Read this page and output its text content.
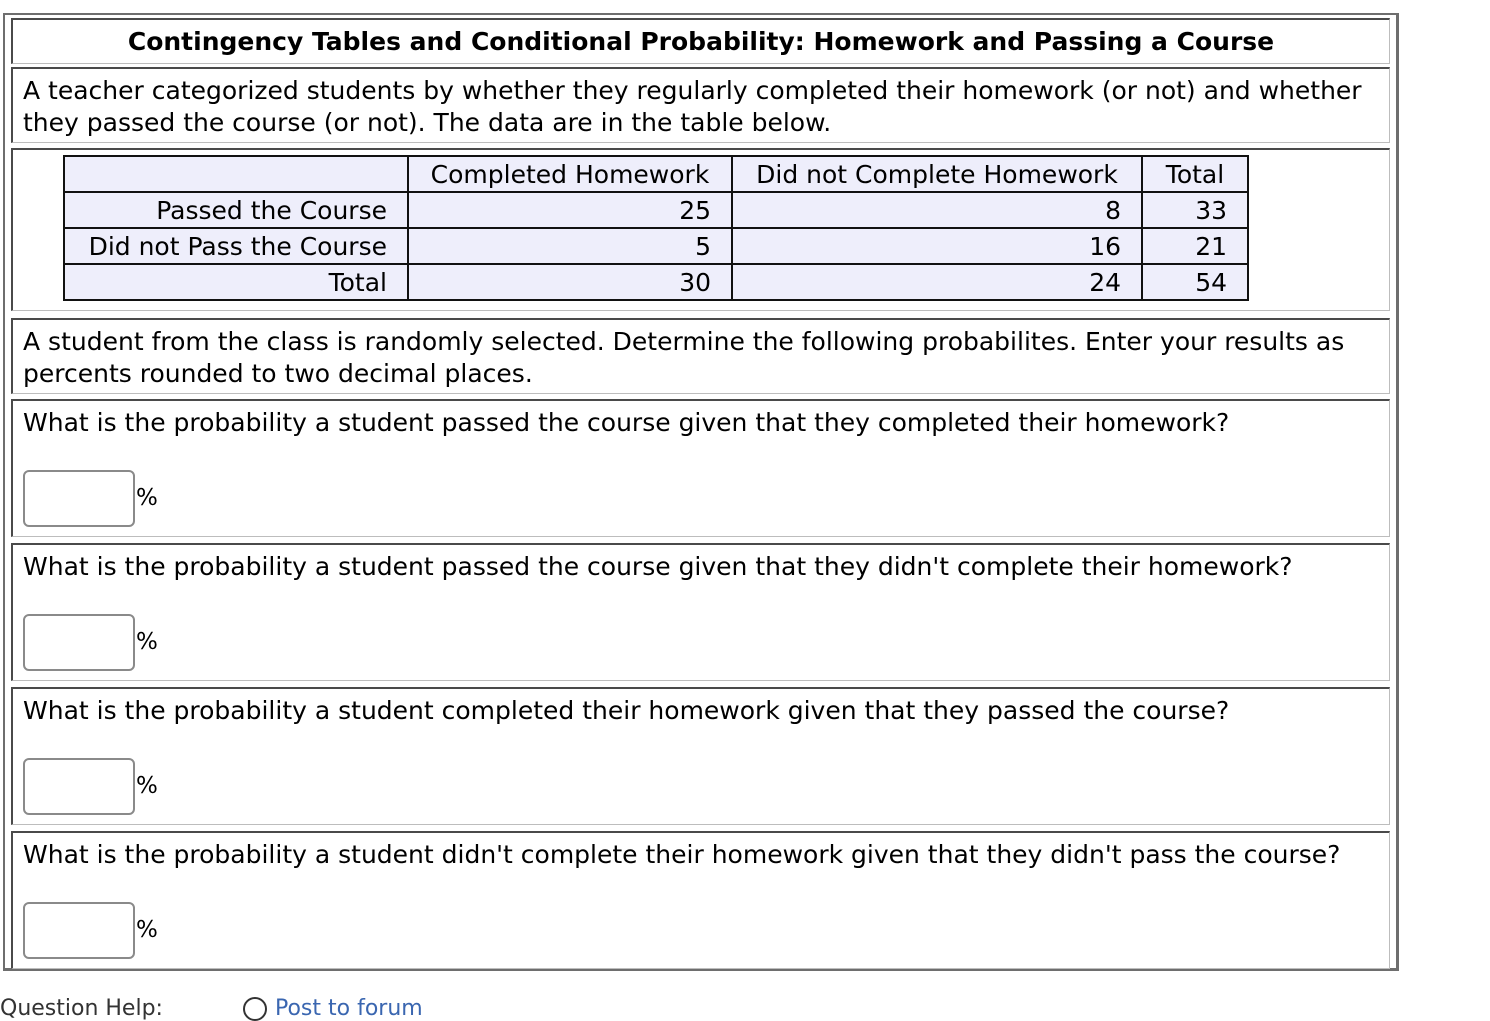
Contingency Tables and Conditional Probability: Homework and Passing a Course
A teacher categorized students by whether they regularly completed their homework (or not) and whether they passed the course (or not). The data are in the table below.
	Completed Homework	Did not Complete Homework	Total
Passed the Course	25	8	33
Did not Pass the Course	5	16	21
Total	30	24	54
A student from the class is randomly selected. Determine the following probabilites. Enter your results as percents rounded to two decimal places.
What is the probability a student passed the course given that they completed their homework?
%
What is the probability a student passed the course given that they didn't complete their homework?
%
What is the probability a student completed their homework given that they passed the course?
%
What is the probability a student didn't complete their homework given that they didn't pass the course?
%
Question Help:	Post to forum
